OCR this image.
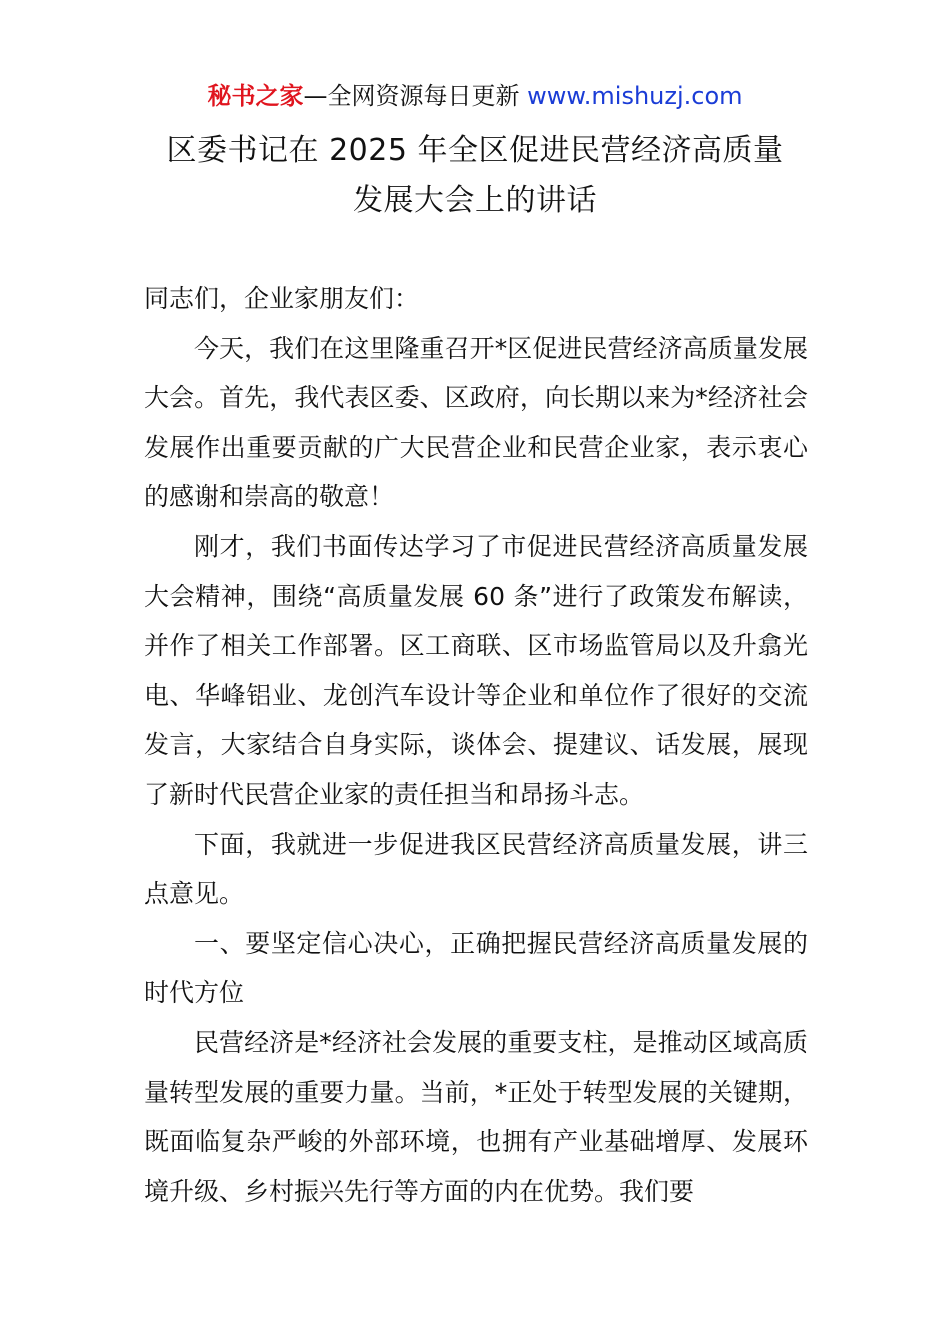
秘书之家—全网资源每日更新 www.mishuzj.com
区委书记在 2025 年全区促进民营经济高质量
发展大会上的讲话

同志们，企业家朋友们：

今天，我们在这里隆重召开*区促进民营经济高质量发展大会。首先，我代表区委、区政府，向长期以来为*经济社会发展作出重要贡献的广大民营企业和民营企业家，表示衷心的感谢和崇高的敬意！

刚才，我们书面传达学习了市促进民营经济高质量发展大会精神，围绕“高质量发展 60 条”进行了政策发布解读，并作了相关工作部署。区工商联、区市场监管局以及升翕光电、华峰铝业、龙创汽车设计等企业和单位作了很好的交流发言，大家结合自身实际，谈体会、提建议、话发展，展现了新时代民营企业家的责任担当和昂扬斗志。

下面，我就进一步促进我区民营经济高质量发展，讲三点意见。

一、要坚定信心决心，正确把握民营经济高质量发展的时代方位

民营经济是*经济社会发展的重要支柱，是推动区域高质量转型发展的重要力量。当前，*正处于转型发展的关键期，既面临复杂严峻的外部环境，也拥有产业基础增厚、发展环境升级、乡村振兴先行等方面的内在优势。我们要
